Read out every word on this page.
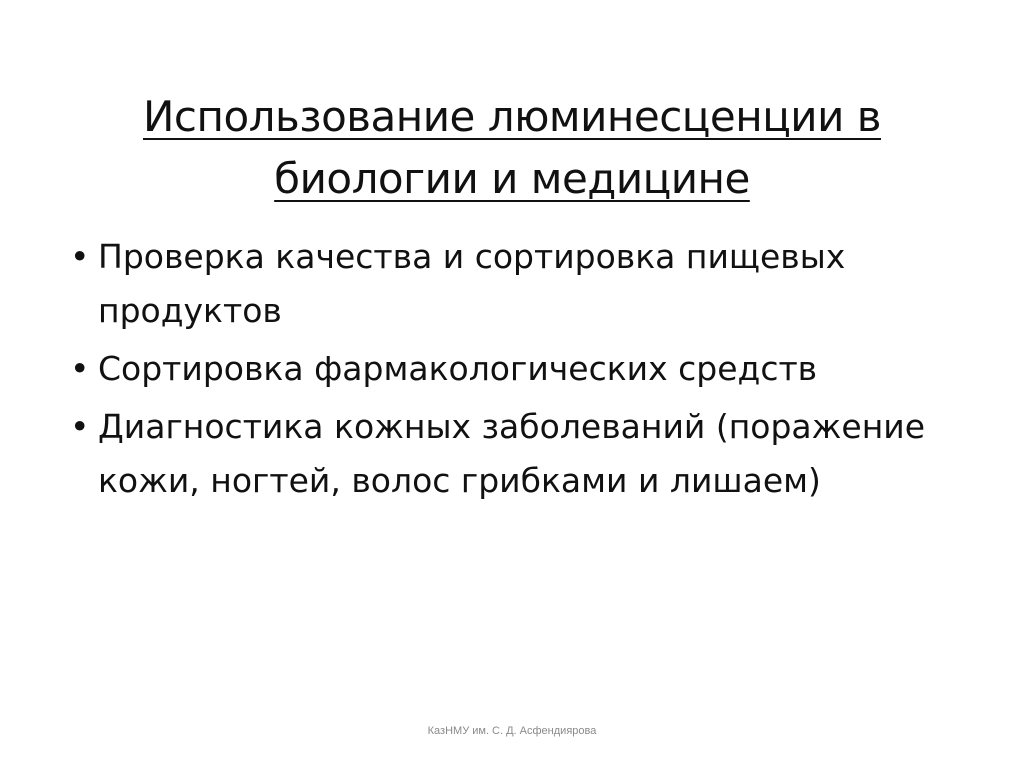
Использование люминесценции в
биологии и медицине
• Проверка качества и сортировка пищевых продуктов
• Сортировка фармакологических средств
• Диагностика кожных заболеваний (поражение кожи, ногтей, волос грибками и лишаем)
КазНМУ им. С. Д. Асфендиярова
